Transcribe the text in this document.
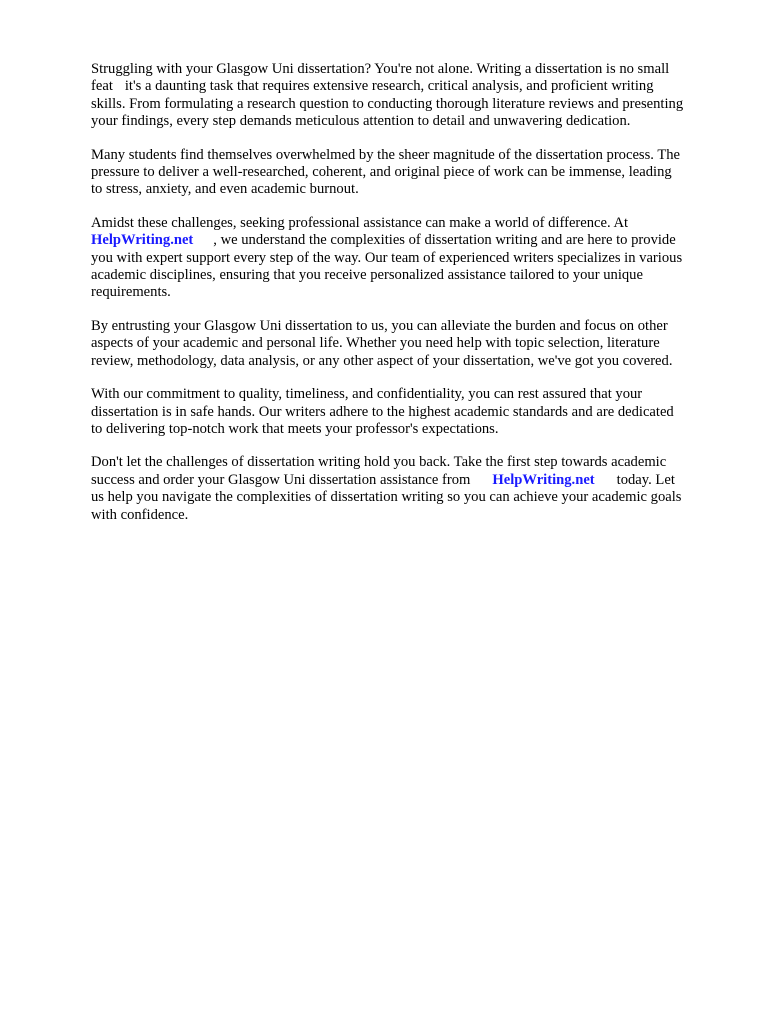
Struggling with your Glasgow Uni dissertation? You're not alone. Writing a dissertation is no small
feat it's a daunting task that requires extensive research, critical analysis, and proficient writing
skills. From formulating a research question to conducting thorough literature reviews and presenting
your findings, every step demands meticulous attention to detail and unwavering dedication.

Many students find themselves overwhelmed by the sheer magnitude of the dissertation process. The
pressure to deliver a well-researched, coherent, and original piece of work can be immense, leading
to stress, anxiety, and even academic burnout.

Amidst these challenges, seeking professional assistance can make a world of difference. At
HelpWriting.net , we understand the complexities of dissertation writing and are here to provide
you with expert support every step of the way. Our team of experienced writers specializes in various
academic disciplines, ensuring that you receive personalized assistance tailored to your unique
requirements.

By entrusting your Glasgow Uni dissertation to us, you can alleviate the burden and focus on other
aspects of your academic and personal life. Whether you need help with topic selection, literature
review, methodology, data analysis, or any other aspect of your dissertation, we've got you covered.

With our commitment to quality, timeliness, and confidentiality, you can rest assured that your
dissertation is in safe hands. Our writers adhere to the highest academic standards and are dedicated
to delivering top-notch work that meets your professor's expectations.

Don't let the challenges of dissertation writing hold you back. Take the first step towards academic
success and order your Glasgow Uni dissertation assistance from HelpWriting.net today. Let
us help you navigate the complexities of dissertation writing so you can achieve your academic goals
with confidence.
